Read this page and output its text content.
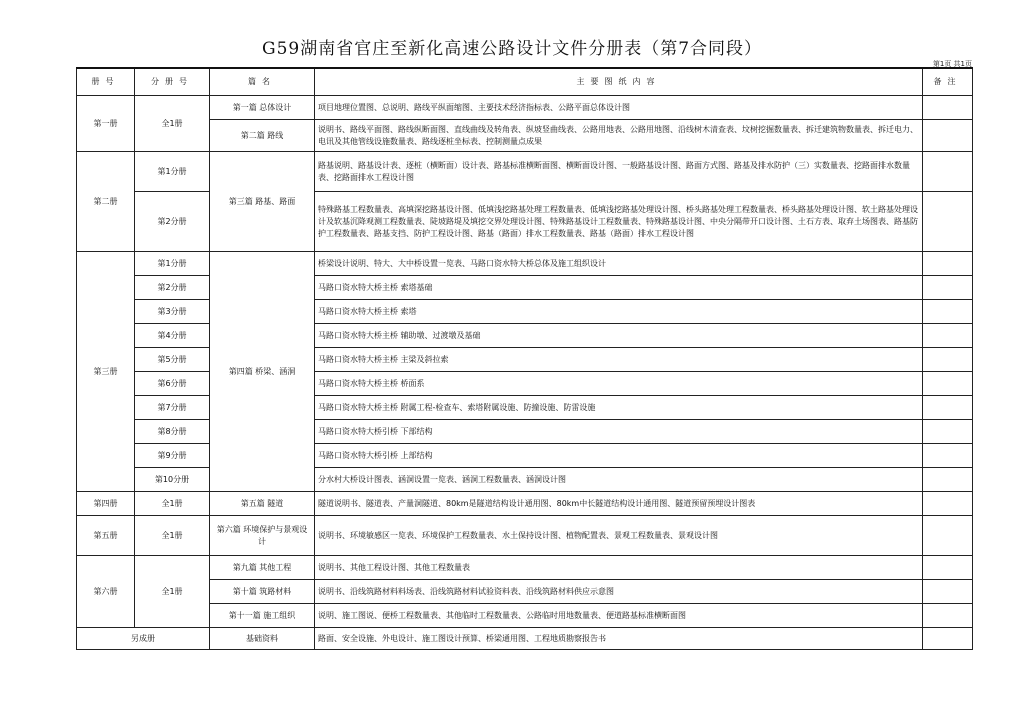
G59湖南省官庄至新化高速公路设计文件分册表（第7合同段）
第1页 共1页
册号	分册号	篇名	主要图纸内容	备注
第一册	全1册	第一篇 总体设计	项目地理位置图、总说明、路线平纵面缩图、主要技术经济指标表、公路平面总体设计图	
		第二篇 路线	说明书、路线平面图、路线纵断面图、直线曲线及转角表、纵坡竖曲线表、公路用地表、公路用地图、沿线树木清查表、坟树挖掘数量表、拆迁建筑物数量表、拆迁电力、电讯及其他管线设施数量表、路线逐桩坐标表、控制测量点成果	
第二册	第1分册	第三篇 路基、路面	路基说明、路基设计表、逐桩（横断面）设计表、路基标准横断面图、横断面设计图、一般路基设计图、路面方式图、路基及排水防护（三）实数量表、挖路面排水数量表、挖路面排水工程设计图	
	第2分册		特殊路基工程数量表、高填深挖路基设计图、低填浅挖路基处理工程数量表、低填浅挖路基处理设计图、桥头路基处理工程数量表、桥头路基处理设计图、软土路基处理设计及软基沉降观测工程数量表、陡坡路堤及填挖交界处理设计图、特殊路基设计工程数量表、特殊路基设计图、中央分隔带开口设计图、土石方表、取弃土场图表、路基防护工程数量表、路基支挡、防护工程设计图、路基（路面）排水工程数量表、路基（路面）排水工程设计图	
第三册	第1分册	第四篇 桥梁、涵洞	桥梁设计说明、特大、大中桥设置一览表、马路口资水特大桥总体及施工组织设计	
	第2分册		马路口资水特大桥主桥 索塔基础	
	第3分册		马路口资水特大桥主桥 索塔	
	第4分册		马路口资水特大桥主桥 辅助墩、过渡墩及基础	
	第5分册		马路口资水特大桥主桥 主梁及斜拉索	
	第6分册		马路口资水特大桥主桥 桥面系	
	第7分册		马路口资水特大桥主桥 附属工程-检查车、索塔附属设施、防撞设施、防雷设施	
	第8分册		马路口资水特大桥引桥 下部结构	
	第9分册		马路口资水特大桥引桥 上部结构	
	第10分册		分水村大桥设计图表、涵洞设置一览表、涵洞工程数量表、涵洞设计图	
第四册	全1册	第五篇 隧道	隧道说明书、隧道表、产量洞隧道、80km是隧道结构设计通用图、80km中长隧道结构设计通用图、隧道预留预埋设计图表	
第五册	全1册	第六篇 环境保护与景观设计	说明书、环境敏感区一览表、环境保护工程数量表、水土保持设计图、植物配置表、景观工程数量表、景观设计图	
第六册	全1册	第九篇 其他工程	说明书、其他工程设计图、其他工程数量表	
		第十篇 筑路材料	说明书、沿线筑路材料料场表、沿线筑路材料试验资料表、沿线筑路材料供应示意图	
		第十一篇 施工组织	说明、施工图说、便桥工程数量表、其他临时工程数量表、公路临时用地数量表、便道路基标准横断面图	
另成册		基础资料	路面、安全设施、外电设计、施工图设计预算、桥梁通用图、工程地质勘察报告书	
